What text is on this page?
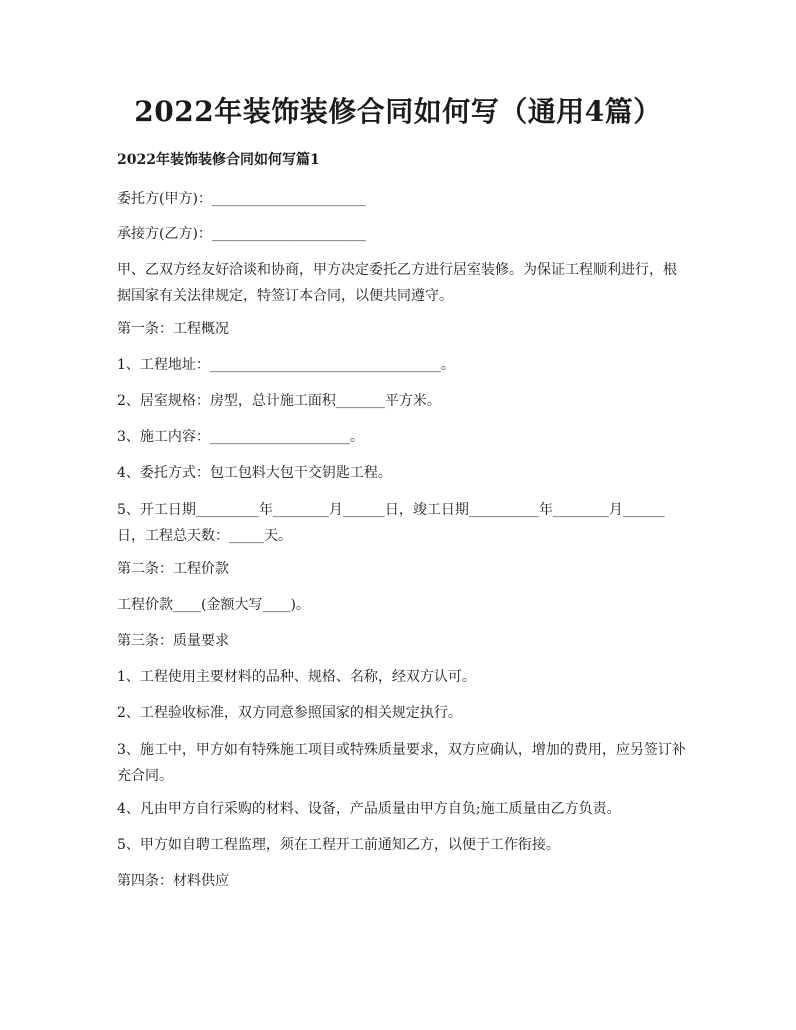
2022年装饰装修合同如何写（通用4篇）
2022年装饰装修合同如何写篇1
委托方(甲方)：______________________
承接方(乙方)：______________________
甲、乙双方经友好洽谈和协商，甲方决定委托乙方进行居室装修。为保证工程顺利进行，根据国家有关法律规定，特签订本合同，以便共同遵守。
第一条：工程概况
1、工程地址：_________________________________。
2、居室规格：房型，总计施工面积_______平方米。
3、施工内容：____________________。
4、委托方式：包工包料大包干交钥匙工程。
5、开工日期_________年________月______日，竣工日期__________年________月______日，工程总天数：_____天。
第二条：工程价款
工程价款____(金额大写____)。
第三条：质量要求
1、工程使用主要材料的品种、规格、名称，经双方认可。
2、工程验收标准，双方同意参照国家的相关规定执行。
3、施工中，甲方如有特殊施工项目或特殊质量要求，双方应确认，增加的费用，应另签订补充合同。
4、凡由甲方自行采购的材料、设备，产品质量由甲方自负;施工质量由乙方负责。
5、甲方如自聘工程监理，须在工程开工前通知乙方，以便于工作衔接。
第四条：材料供应
